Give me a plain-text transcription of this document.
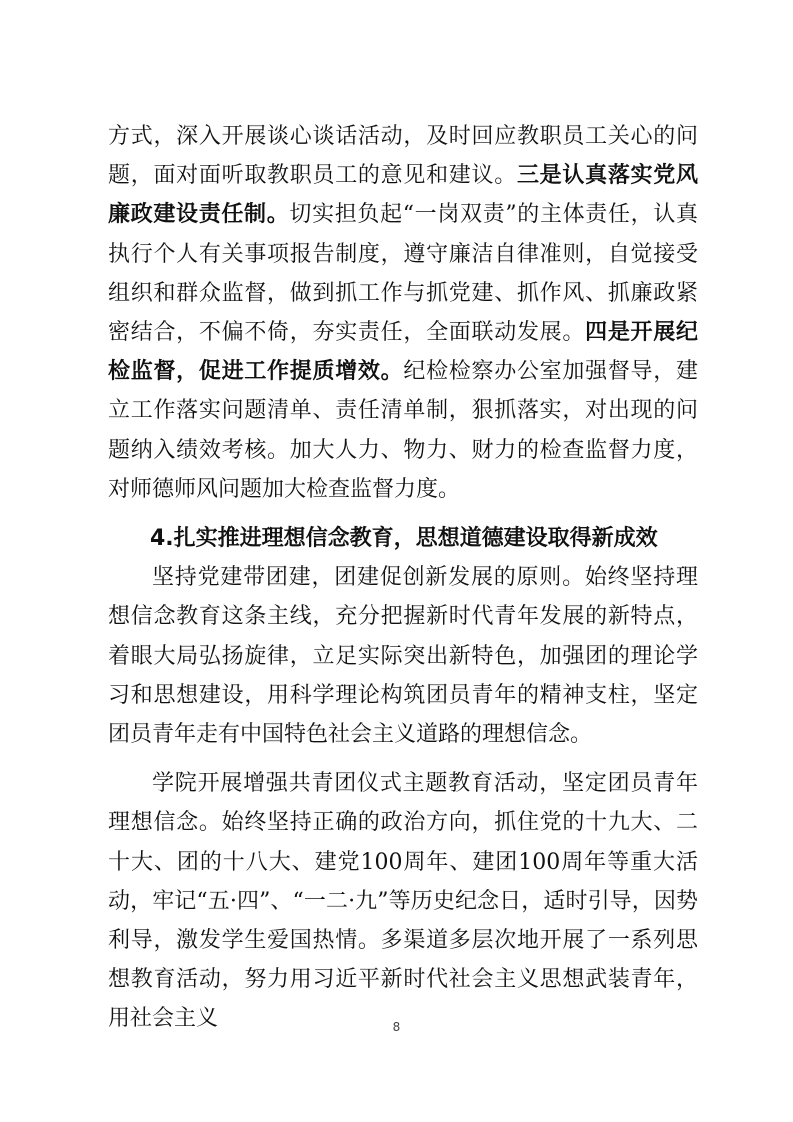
方式，深入开展谈心谈话活动，及时回应教职员工关心的问题，面对面听取教职员工的意见和建议。三是认真落实党风廉政建设责任制。切实担负起“一岗双责”的主体责任，认真执行个人有关事项报告制度，遵守廉洁自律准则，自觉接受组织和群众监督，做到抓工作与抓党建、抓作风、抓廉政紧密结合，不偏不倚，夯实责任，全面联动发展。四是开展纪检监督，促进工作提质增效。纪检检察办公室加强督导，建立工作落实问题清单、责任清单制，狠抓落实，对出现的问题纳入绩效考核。加大人力、物力、财力的检查监督力度，对师德师风问题加大检查监督力度。

4.扎实推进理想信念教育，思想道德建设取得新成效

坚持党建带团建，团建促创新发展的原则。始终坚持理想信念教育这条主线，充分把握新时代青年发展的新特点，着眼大局弘扬旋律，立足实际突出新特色，加强团的理论学习和思想建设，用科学理论构筑团员青年的精神支柱，坚定团员青年走有中国特色社会主义道路的理想信念。

学院开展增强共青团仪式主题教育活动，坚定团员青年理想信念。始终坚持正确的政治方向，抓住党的十九大、二十大、团的十八大、建党100周年、建团100周年等重大活动，牢记“五·四”、“一二·九”等历史纪念日，适时引导，因势利导，激发学生爱国热情。多渠道多层次地开展了一系列思想教育活动，努力用习近平新时代社会主义思想武装青年，用社会主义	8
